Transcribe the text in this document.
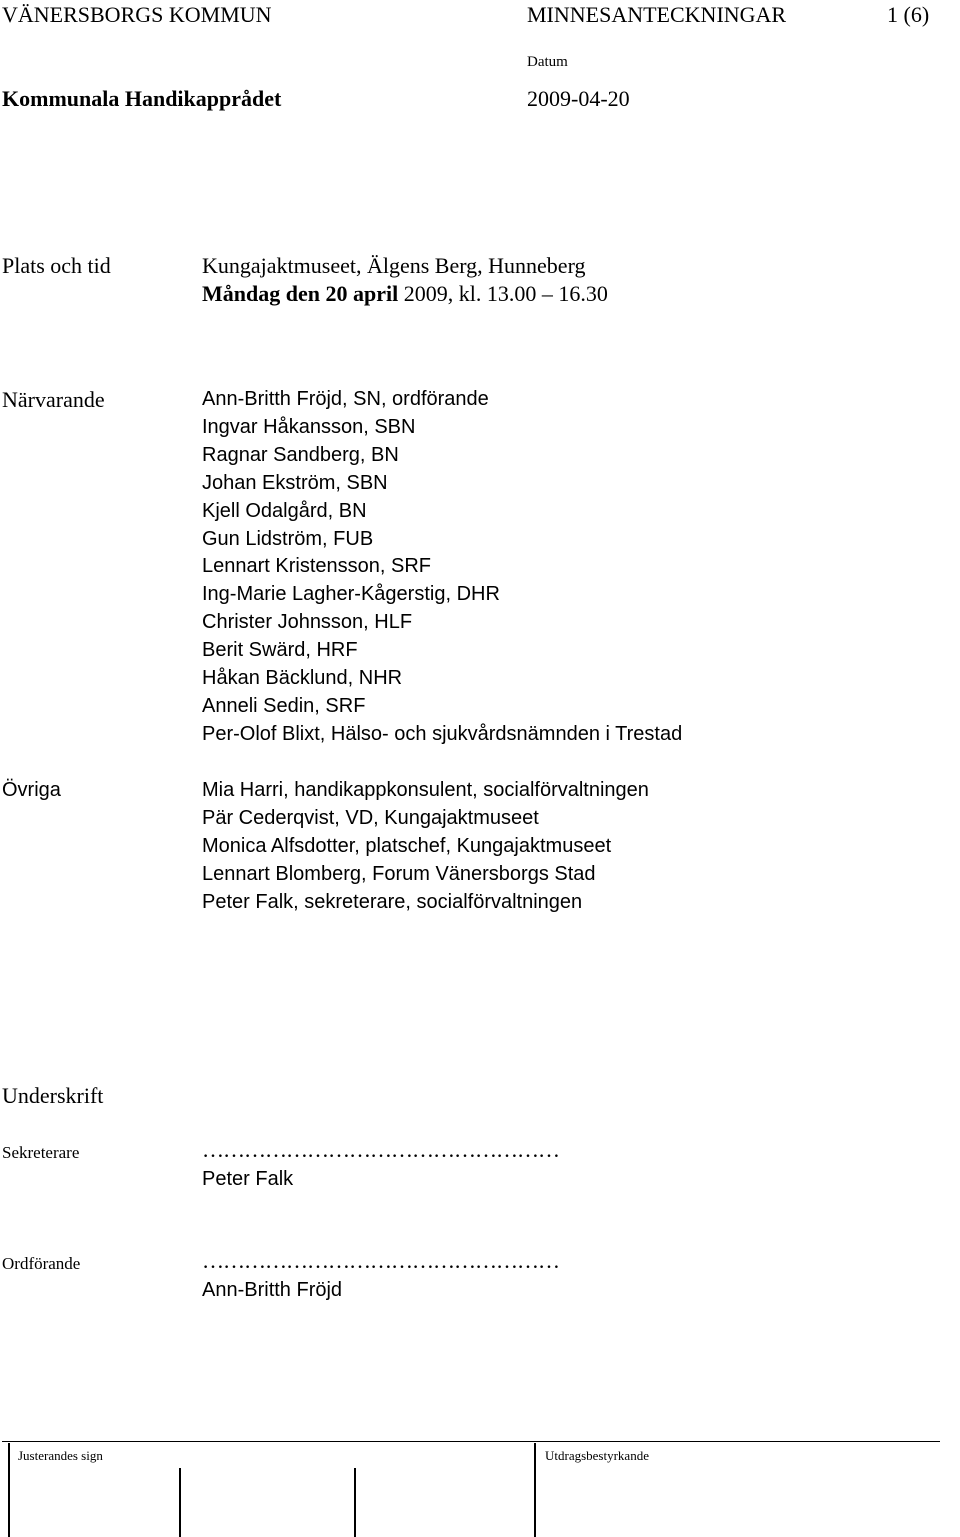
VÄNERSBORGS KOMMUN	MINNESANTECKNINGAR	1 (6)
Datum
Kommunala Handikapprådet	2009-04-20
Plats och tid	Kungajaktmuseet, Älgens Berg, Hunneberg
Måndag den 20 april 2009, kl. 13.00 – 16.30
Närvarande	Ann-Britth Fröjd, SN, ordförande
Ingvar Håkansson, SBN
Ragnar Sandberg, BN
Johan Ekström, SBN
Kjell Odalgård, BN
Gun Lidström, FUB
Lennart Kristensson, SRF
Ing-Marie Lagher-Kågerstig, DHR
Christer Johnsson, HLF
Berit Swärd, HRF
Håkan Bäcklund, NHR
Anneli Sedin, SRF
Per-Olof Blixt, Hälso- och sjukvårdsnämnden i Trestad
Övriga	Mia Harri, handikappkonsulent, socialförvaltningen
Pär Cederqvist, VD, Kungajaktmuseet
Monica Alfsdotter, platschef, Kungajaktmuseet
Lennart Blomberg, Forum Vänersborgs Stad
Peter Falk, sekreterare, socialförvaltningen
Underskrift
Sekreterare	……………………………………………
Peter Falk
Ordförande	……………………………………………
Ann-Britth Fröjd
Justerandes sign	Utdragsbestyrkande
